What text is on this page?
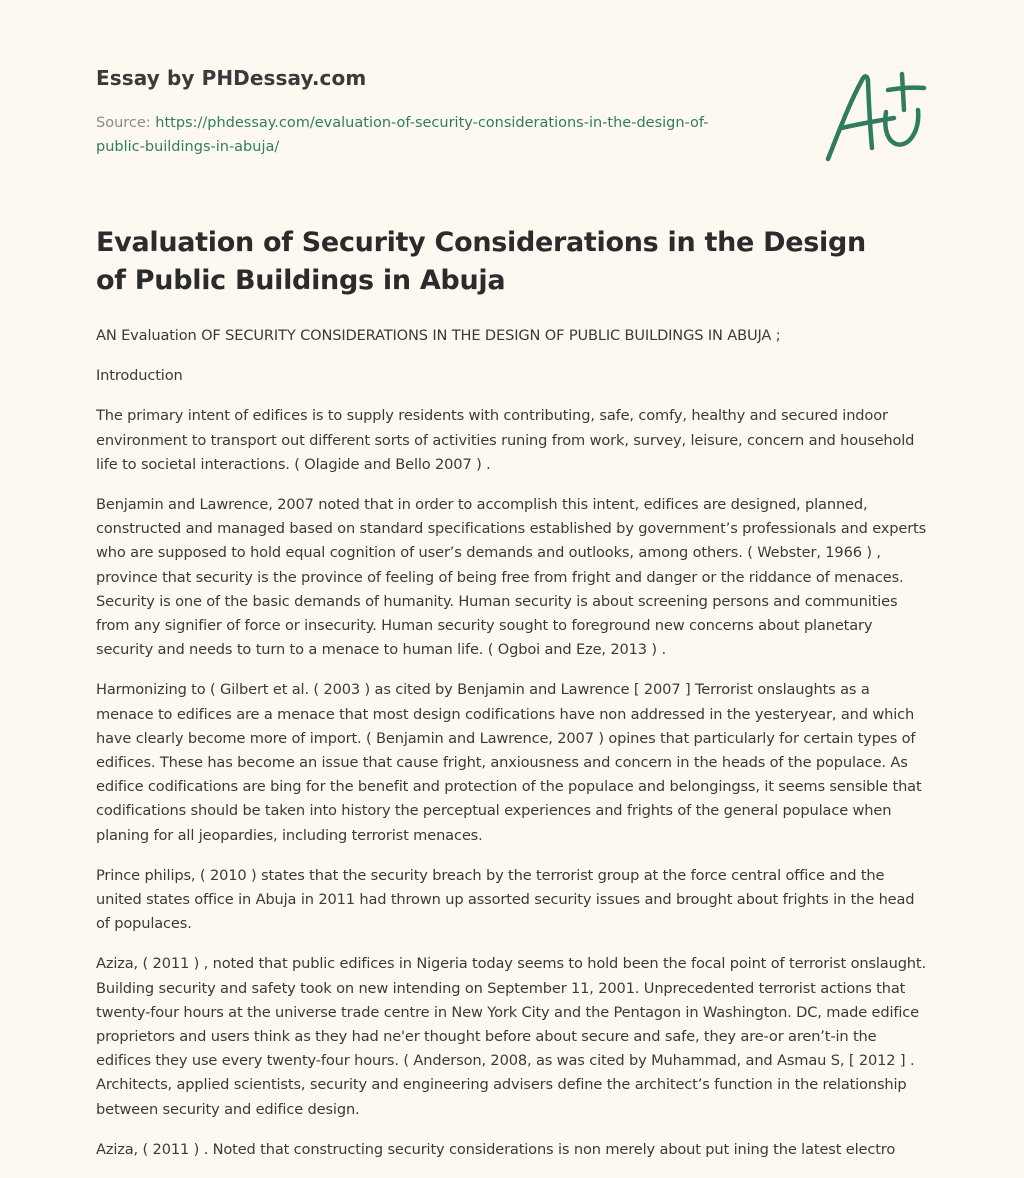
Essay by PHDessay.com

Source: https://phdessay.com/evaluation-of-security-considerations-in-the-design-of-public-buildings-in-abuja/

Evaluation of Security Considerations in the Design of Public Buildings in Abuja

AN Evaluation OF SECURITY CONSIDERATIONS IN THE DESIGN OF PUBLIC BUILDINGS IN ABUJA ;

Introduction

The primary intent of edifices is to supply residents with contributing, safe, comfy, healthy and secured indoor environment to transport out different sorts of activities runing from work, survey, leisure, concern and household life to societal interactions. ( Olagide and Bello 2007 ) .

Benjamin and Lawrence, 2007 noted that in order to accomplish this intent, edifices are designed, planned, constructed and managed based on standard specifications established by government’s professionals and experts who are supposed to hold equal cognition of user’s demands and outlooks, among others. ( Webster, 1966 ) , province that security is the province of feeling of being free from fright and danger or the riddance of menaces. Security is one of the basic demands of humanity. Human security is about screening persons and communities from any signifier of force or insecurity. Human security sought to foreground new concerns about planetary security and needs to turn to a menace to human life. ( Ogboi and Eze, 2013 ) .

Harmonizing to ( Gilbert et al. ( 2003 ) as cited by Benjamin and Lawrence [ 2007 ] Terrorist onslaughts as a menace to edifices are a menace that most design codifications have non addressed in the yesteryear, and which have clearly become more of import. ( Benjamin and Lawrence, 2007 ) opines that particularly for certain types of edifices. These has become an issue that cause fright, anxiousness and concern in the heads of the populace. As edifice codifications are bing for the benefit and protection of the populace and belongingss, it seems sensible that codifications should be taken into history the perceptual experiences and frights of the general populace when planing for all jeopardies, including terrorist menaces.

Prince philips, ( 2010 ) states that the security breach by the terrorist group at the force central office and the united states office in Abuja in 2011 had thrown up assorted security issues and brought about frights in the head of populaces.

Aziza, ( 2011 ) , noted that public edifices in Nigeria today seems to hold been the focal point of terrorist onslaught. Building security and safety took on new intending on September 11, 2001. Unprecedented terrorist actions that twenty-four hours at the universe trade centre in New York City and the Pentagon in Washington. DC, made edifice proprietors and users think as they had ne'er thought before about secure and safe, they are-or aren’t-in the edifices they use every twenty-four hours. ( Anderson, 2008, as was cited by Muhammad, and Asmau S, [ 2012 ] . Architects, applied scientists, security and engineering advisers define the architect’s function in the relationship between security and edifice design.

Aziza, ( 2011 ) . Noted that constructing security considerations is non merely about put ining the latest electro
